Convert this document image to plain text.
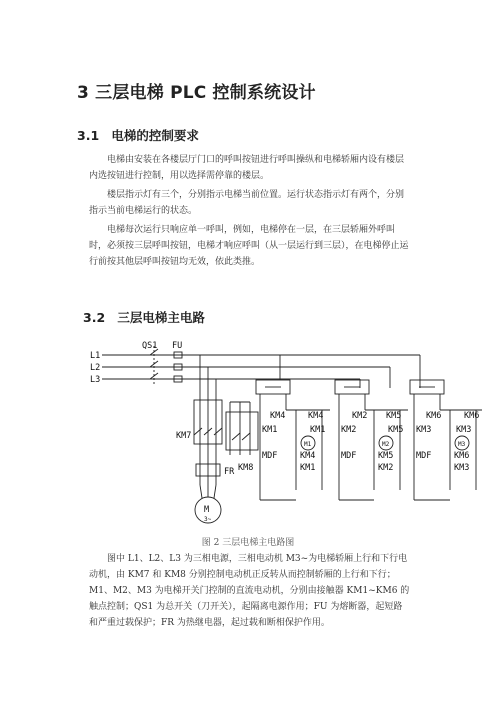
3 三层电梯 PLC 控制系统设计
3.1 电梯的控制要求

电梯由安装在各楼层厅门口的呼叫按钮进行呼叫操纵和电梯轿厢内设有楼层内选按钮进行控制，用以选择需停靠的楼层。

楼层指示灯有三个，分别指示电梯当前位置。运行状态指示灯有两个，分别指示当前电梯运行的状态。

电梯每次运行只响应单一呼叫，例如，电梯停在一层，在三层轿厢外呼叫时，必须按三层呼叫按钮，电梯才响应呼叫（从一层运行到三层），在电梯停止运行前按其他层呼叫按钮均无效，依此类推。

3.2 三层电梯主电路
L1
L2
L3
QS1 FU
KM7
KM8
FR
M
3~
KM4	KM4
KM1	KM1
M1
MDF	KM4
KM1
KM2 KM5
KM2	KM5
M2
MDF	KM5
KM2
KM6	KM6
KM3	KM3
M3
MDF	KM6
KM3
图 2 三层电梯主电路图

图中 L1、L2、L3 为三相电源，三相电动机 M3~为电梯轿厢上行和下行电动机，由 KM7 和 KM8 分别控制电动机正反转从而控制轿厢的上行和下行；M1、M2、M3 为电梯开关门控制的直流电动机，分别由接触器 KM1~KM6 的触点控制；QS1 为总开关（刀开关），起隔离电源作用；FU 为熔断器，起短路和严重过载保护；FR 为热继电器，起过载和断相保护作用。
